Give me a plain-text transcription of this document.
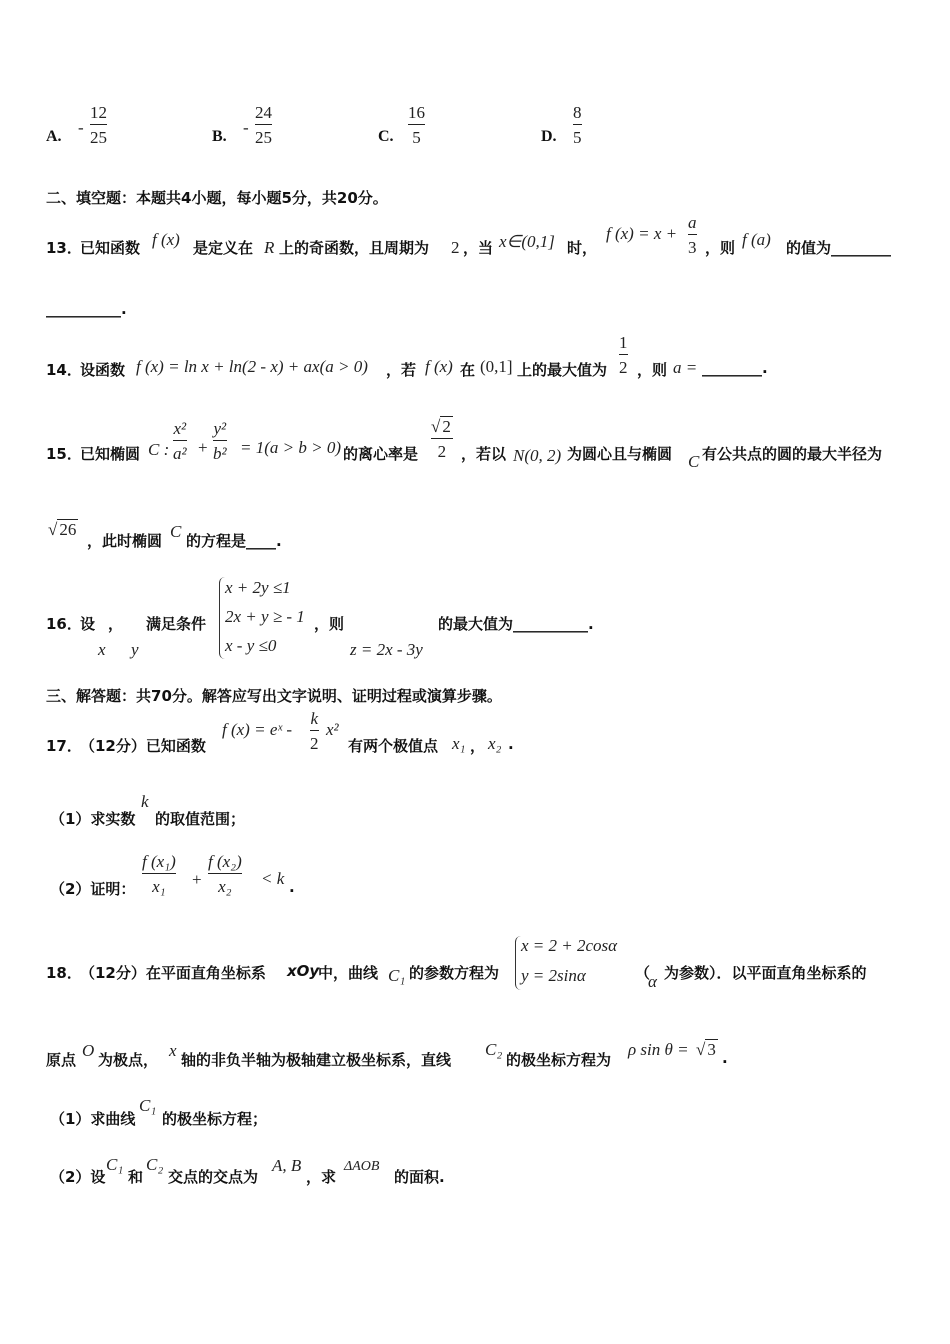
A. -
12
25	B. -
24
25	C.
16
5	D.
8
5
二、填空题：本题共4小题，每小题5分，共20分。
13．
已知函数 f (x) 是定义在 R 上的奇函数，且周期为 2 ，当 x∈(0,1] 时，
f (x) = x +
a
3 ，则 f (a) 的值为________
__________.
14．
设函数 f (x) = ln x + ln(2 - x) + ax(a > 0) ，若 f (x) 在 (0,1] 上的最大值为
1
2 ，则 a = ________.
15．
已知椭圆 C :
x²
a² +
y²
b² = 1(a > b > 0) 的离心率是
√ 2
2 ，若以 N(0, 2) 为圆心且与椭圆 C 有公共点的圆的最大半径为
√ 26
，此时椭圆 C 的方程是____.
16．
设 ， 满足条件
x y
x + 2y ≤1
2x + y ≥ - 1
x - y ≤0
，则
z = 2x - 3y
的最大值为__________.
三、解答题：共70分。解答应写出文字说明、证明过程或演算步骤。
17．
（12分）已知函数
f (x) = eˣ -
k
2
x²
有两个极值点 x₁ ， x₂ .
（1）求实数
k
的取值范围；
（2）证明：
f (x₁)
x₁ +
f (x₂)
x₂ < k .
18．
（12分）在平面直角坐标系 xOy
中，曲线 C₁ 的参数方程为
x = 2 + 2cosα
y = 2sinα	（
α 为参数）．以平面直角坐标系的
原点 O 为极点， x 轴的非负半轴为极轴建立极坐标系，直线
C₂
的极坐标方程为
ρ sin θ = √ 3 .
（1）求曲线
C₁
的极坐标方程；
（2）设
C₁
和
C₂
交点的交点为
A, B
，求
ΔAOB
的面积.
